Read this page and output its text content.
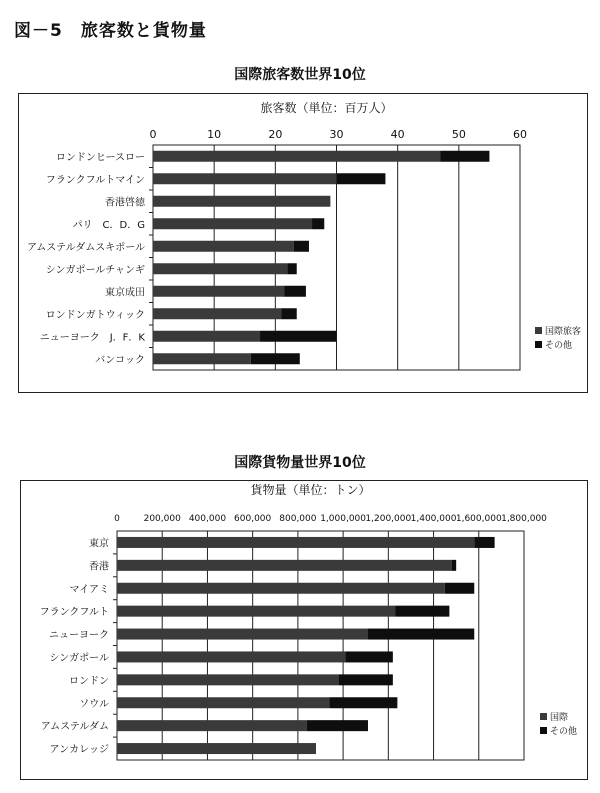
図－5　旅客数と貨物量
国際旅客数世界10位
旅客数（単位：百万人）
0	10	20	30	40	50	60
ロンドンヒースロー
フランクフルトマイン
香港啓徳
パリ　C．D．G
アムステルダムスキポール
シンガポールチャンギ
東京成田
ロンドンガトウィック
ニューヨーク　J．F．K
バンコック
国際旅客
その他
国際貨物量世界10位
貨物量（単位：トン）
0	200,000 400,000 600,000 800,000 1,000,000 1,200,000 1,400,000 1,600,000 1,800,000
東京
香港
マイアミ
フランクフルト
ニューヨーク
シンガポール
ロンドン
ソウル
アムステルダム
アンカレッジ
国際
その他
